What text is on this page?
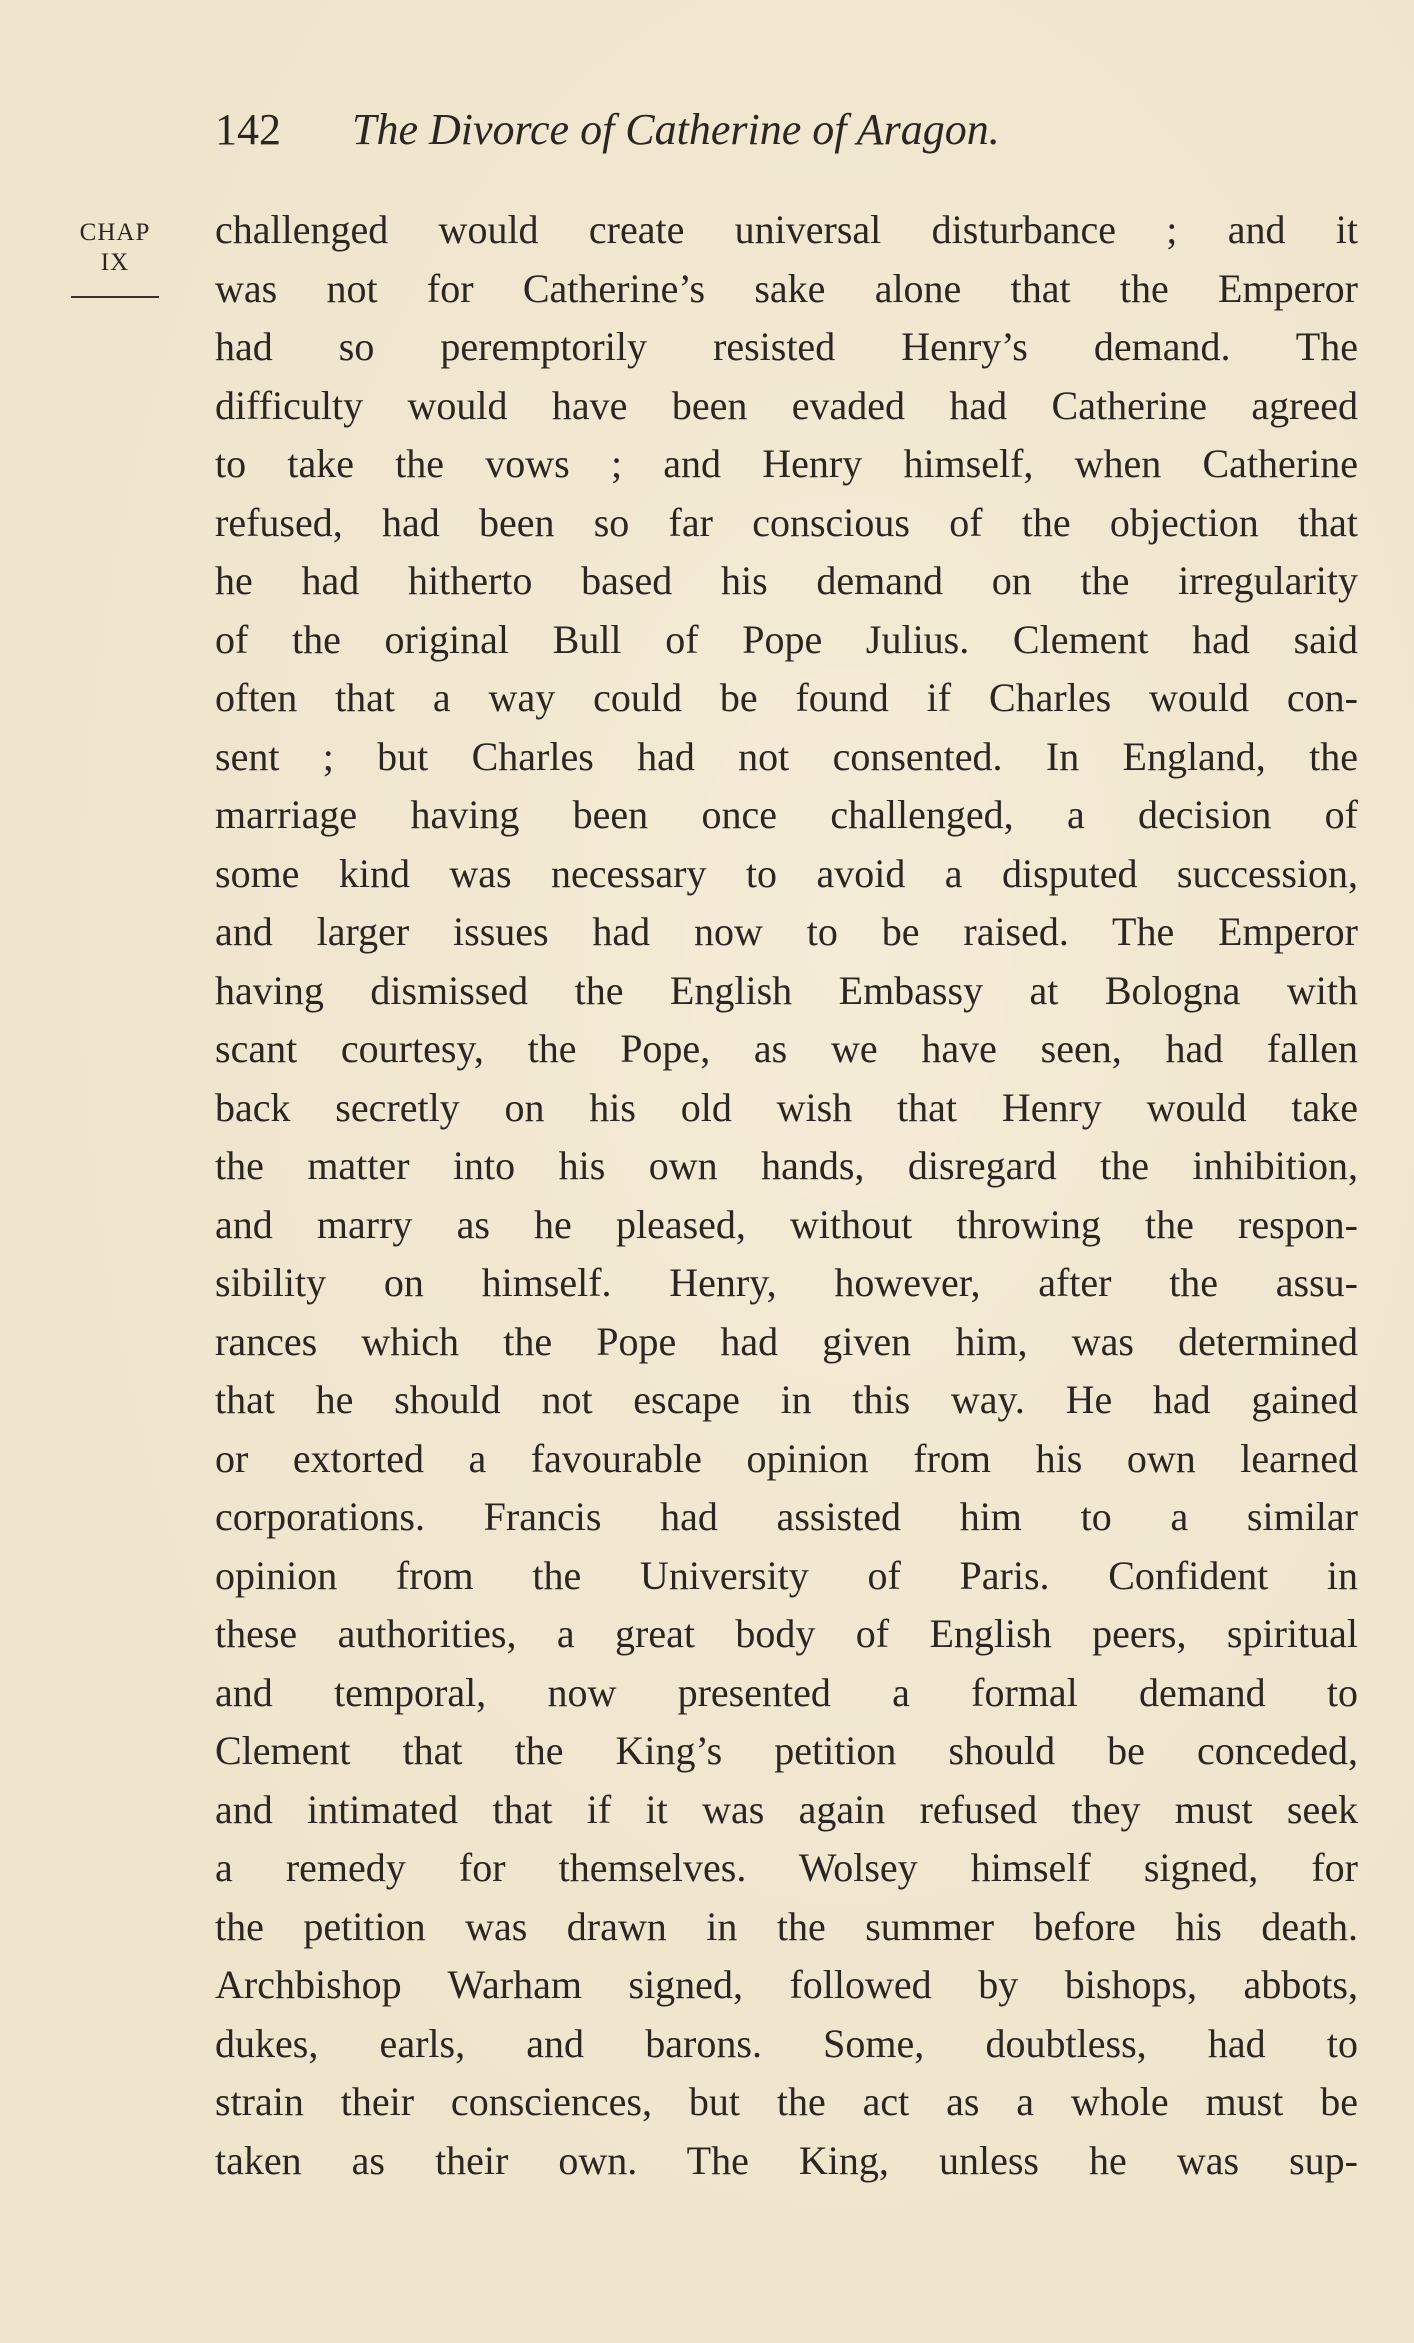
142 The Divorce of Catherine of Aragon.
CHAP
IX
challenged would create universal disturbance ; and it
was not for Catherine’s sake alone that the Emperor
had so peremptorily resisted Henry’s demand. The
difficulty would have been evaded had Catherine agreed
to take the vows ; and Henry himself, when Catherine
refused, had been so far conscious of the objection that
he had hitherto based his demand on the irregularity
of the original Bull of Pope Julius. Clement had said
often that a way could be found if Charles would con-
sent ; but Charles had not consented. In England, the
marriage having been once challenged, a decision of
some kind was necessary to avoid a disputed succession,
and larger issues had now to be raised. The Emperor
having dismissed the English Embassy at Bologna with
scant courtesy, the Pope, as we have seen, had fallen
back secretly on his old wish that Henry would take
the matter into his own hands, disregard the inhibition,
and marry as he pleased, without throwing the respon-
sibility on himself. Henry, however, after the assu-
rances which the Pope had given him, was determined
that he should not escape in this way. He had gained
or extorted a favourable opinion from his own learned
corporations. Francis had assisted him to a similar
opinion from the University of Paris. Confident in
these authorities, a great body of English peers, spiritual
and temporal, now presented a formal demand to
Clement that the King’s petition should be conceded,
and intimated that if it was again refused they must seek
a remedy for themselves. Wolsey himself signed, for
the petition was drawn in the summer before his death.
Archbishop Warham signed, followed by bishops, abbots,
dukes, earls, and barons. Some, doubtless, had to
strain their consciences, but the act as a whole must be
taken as their own. The King, unless he was sup-
